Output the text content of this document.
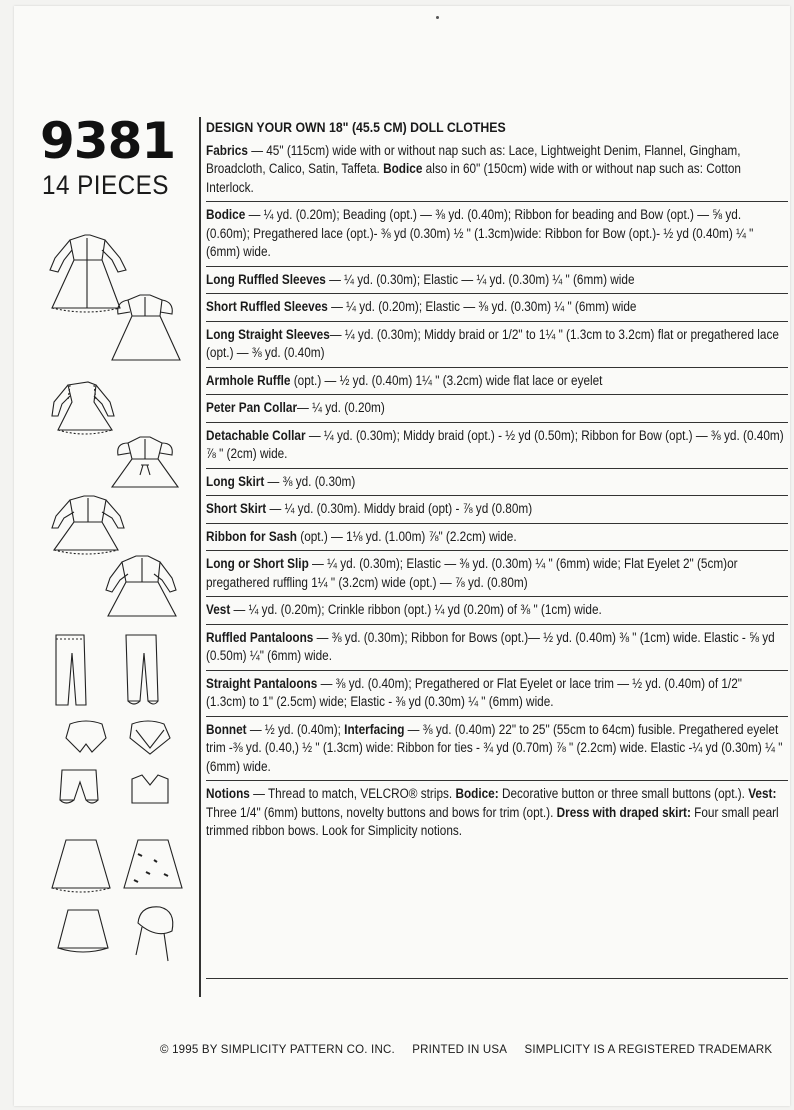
9381
14 PIECES
DESIGN YOUR OWN 18" (45.5 CM) DOLL CLOTHES

Fabrics — 45" (115cm) wide with or without nap such as: Lace, Lightweight Denim, Flannel, Gingham, Broadcloth, Calico, Satin, Taffeta. Bodice also in 60" (150cm) wide with or without nap such as: Cotton Interlock.

Bodice — ¼ yd. (0.20m); Beading (opt.) — ⅜ yd. (0.40m); Ribbon for beading and Bow (opt.) — ⅝ yd. (0.60m); Pregathered lace (opt.)- ⅜ yd (0.30m) ½ " (1.3cm)wide: Ribbon for Bow (opt.)- ½ yd (0.40m) ¼ " (6mm) wide.

Long Ruffled Sleeves — ¼ yd. (0.30m); Elastic — ¼ yd. (0.30m) ¼ " (6mm) wide

Short Ruffled Sleeves — ¼ yd. (0.20m); Elastic — ⅜ yd. (0.30m) ¼ " (6mm) wide

Long Straight Sleeves— ¼ yd. (0.30m); Middy braid or 1/2" to 1¼ " (1.3cm to 3.2cm) flat or pregathered lace (opt.) — ⅜ yd. (0.40m)

Armhole Ruffle (opt.) — ½ yd. (0.40m) 1¼ " (3.2cm) wide flat lace or eyelet

Peter Pan Collar— ¼ yd. (0.20m)

Detachable Collar — ¼ yd. (0.30m); Middy braid (opt.) - ½ yd (0.50m); Ribbon for Bow (opt.) — ⅜ yd. (0.40m) ⅞ " (2cm) wide.

Long Skirt — ⅜ yd. (0.30m)

Short Skirt — ¼ yd. (0.30m). Middy braid (opt) - ⅞ yd (0.80m)

Ribbon for Sash (opt.) — 1⅛ yd. (1.00m) ⅞" (2.2cm) wide.

Long or Short Slip — ¼ yd. (0.30m); Elastic — ⅜ yd. (0.30m) ¼ " (6mm) wide; Flat Eyelet 2" (5cm)or pregathered ruffling 1¼ " (3.2cm) wide (opt.) — ⅞ yd. (0.80m)

Vest — ¼ yd. (0.20m); Crinkle ribbon (opt.) ¼ yd (0.20m) of ⅜ " (1cm) wide.

Ruffled Pantaloons — ⅜ yd. (0.30m); Ribbon for Bows (opt.)— ½ yd. (0.40m) ⅜ " (1cm) wide. Elastic - ⅝ yd (0.50m) ¼" (6mm) wide.

Straight Pantaloons — ⅜ yd. (0.40m); Pregathered or Flat Eyelet or lace trim — ½ yd. (0.40m) of 1/2" (1.3cm) to 1" (2.5cm) wide; Elastic - ⅜ yd (0.30m) ¼ " (6mm) wide.

Bonnet — ½ yd. (0.40m); Interfacing — ⅜ yd. (0.40m) 22" to 25" (55cm to 64cm) fusible. Pregathered eyelet trim -⅜ yd. (0.40,) ½ " (1.3cm) wide: Ribbon for ties - ¾ yd (0.70m) ⅞ " (2.2cm) wide. Elastic -¼ yd (0.30m) ¼ " (6mm) wide.

Notions — Thread to match, VELCRO® strips. Bodice: Decorative button or three small buttons (opt.). Vest: Three 1/4" (6mm) buttons, novelty buttons and bows for trim (opt.). Dress with draped skirt: Four small pearl trimmed ribbon bows. Look for Simplicity notions.

© 1995 BY SIMPLICITY PATTERN CO. INC. PRINTED IN USA SIMPLICITY IS A REGISTERED TRADEMARK
